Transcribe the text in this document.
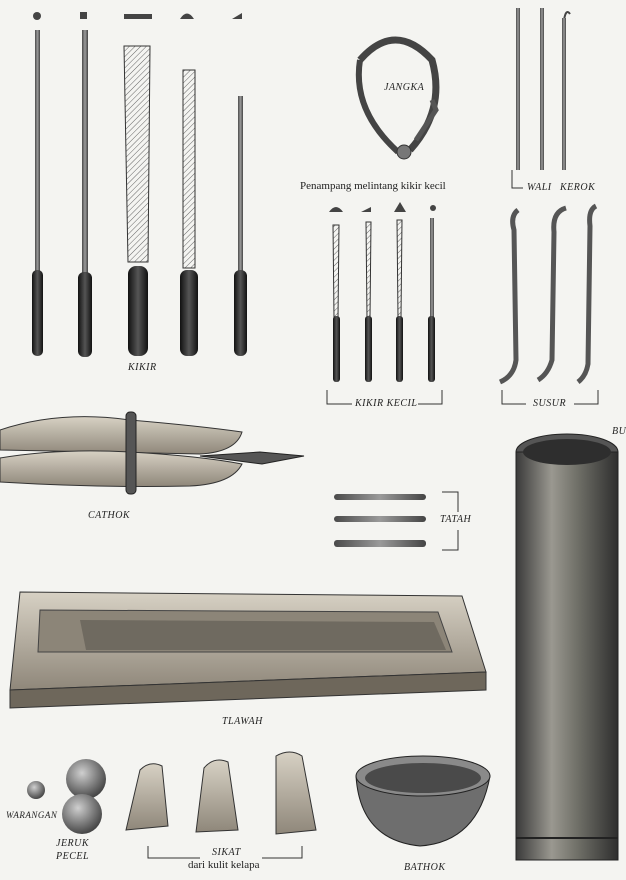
KIKIR
JANGKA
Penampang melintang kikir kecil	WALI KEROK
KIKIR KECIL	SUSUR
CATHOK	TATAH
BU
TLAWAH
WARANGAN
JERUK
PECEL	SIKAT
dari kulit kelapa	BATHOK
